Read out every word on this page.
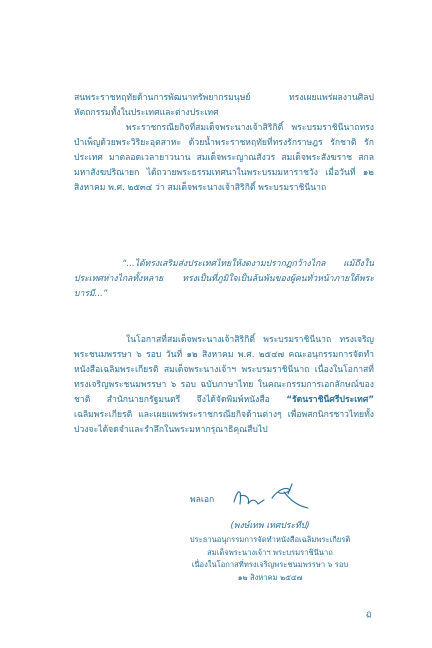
สนพระราชหฤทัยด้านการพัฒนาทรัพยากรมนุษย์ ทรงเผยแพร่ผลงานศิลปหัตถกรรมทั้งในประเทศและต่างประเทศ

พระราชกรณียกิจที่สมเด็จพระนางเจ้าสิริกิติ์ พระบรมราชินีนาถทรงบำเพ็ญด้วยพระวิริยะอุตสาหะ ด้วยน้ำพระราชหฤทัยที่ทรงรักราษฎร รักชาติ รักประเทศ มาตลอดเวลายาวนาน สมเด็จพระญาณสังวร สมเด็จพระสังฆราช สกลมหาสังฆปริณายก ได้ถวายพระธรรมเทศนาในพระบรมมหาราชวัง เมื่อวันที่ ๑๒ สิงหาคม พ.ศ. ๒๕๓๔ ว่า สมเด็จพระนางเจ้าสิริกิติ์ พระบรมราชินีนาถ

“...ได้ทรงเสริมส่งประเทศไทยให้งดงามปรากฏกว้างไกล แม้ถึงในประเทศห่างไกลทั้งหลาย ทรงเป็นที่ภูมิใจเป็นล้นพ้นของผู้คนทั่วหน้าภายใต้พระบารมี...”

ในโอกาสที่สมเด็จพระนางเจ้าสิริกิติ์ พระบรมราชินีนาถ ทรงเจริญพระชนมพรรษา ๖ รอบ วันที่ ๑๒ สิงหาคม พ.ศ. ๒๕๔๗ คณะอนุกรรมการจัดทำหนังสือเฉลิมพระเกียรติ สมเด็จพระนางเจ้าฯ พระบรมราชินีนาถ เนื่องในโอกาสที่ทรงเจริญพระชนมพรรษา ๖ รอบ ฉบับภาษาไทย ในคณะกรรมการเอกลักษณ์ของชาติ สำนักนายกรัฐมนตรี จึงได้จัดพิมพ์หนังสือ “รัตนราชินีศรีประเทศ” เฉลิมพระเกียรติ และเผยแพร่พระราชกรณียกิจด้านต่างๆ เพื่อพสกนิกรชาวไทยทั้งปวงจะได้จดจำและรำลึกในพระมหากรุณาธิคุณสืบไป

พลเอก
(พงษ์เทพ เทศประทีป)
ประธานอนุกรรมการจัดทำหนังสือเฉลิมพระเกียรติ
สมเด็จพระนางเจ้าฯ พระบรมราชินีนาถ
เนื่องในโอกาสที่ทรงเจริญพระชนมพรรษา ๖ รอบ
๑๒ สิงหาคม ๒๕๔๗
ฏ
